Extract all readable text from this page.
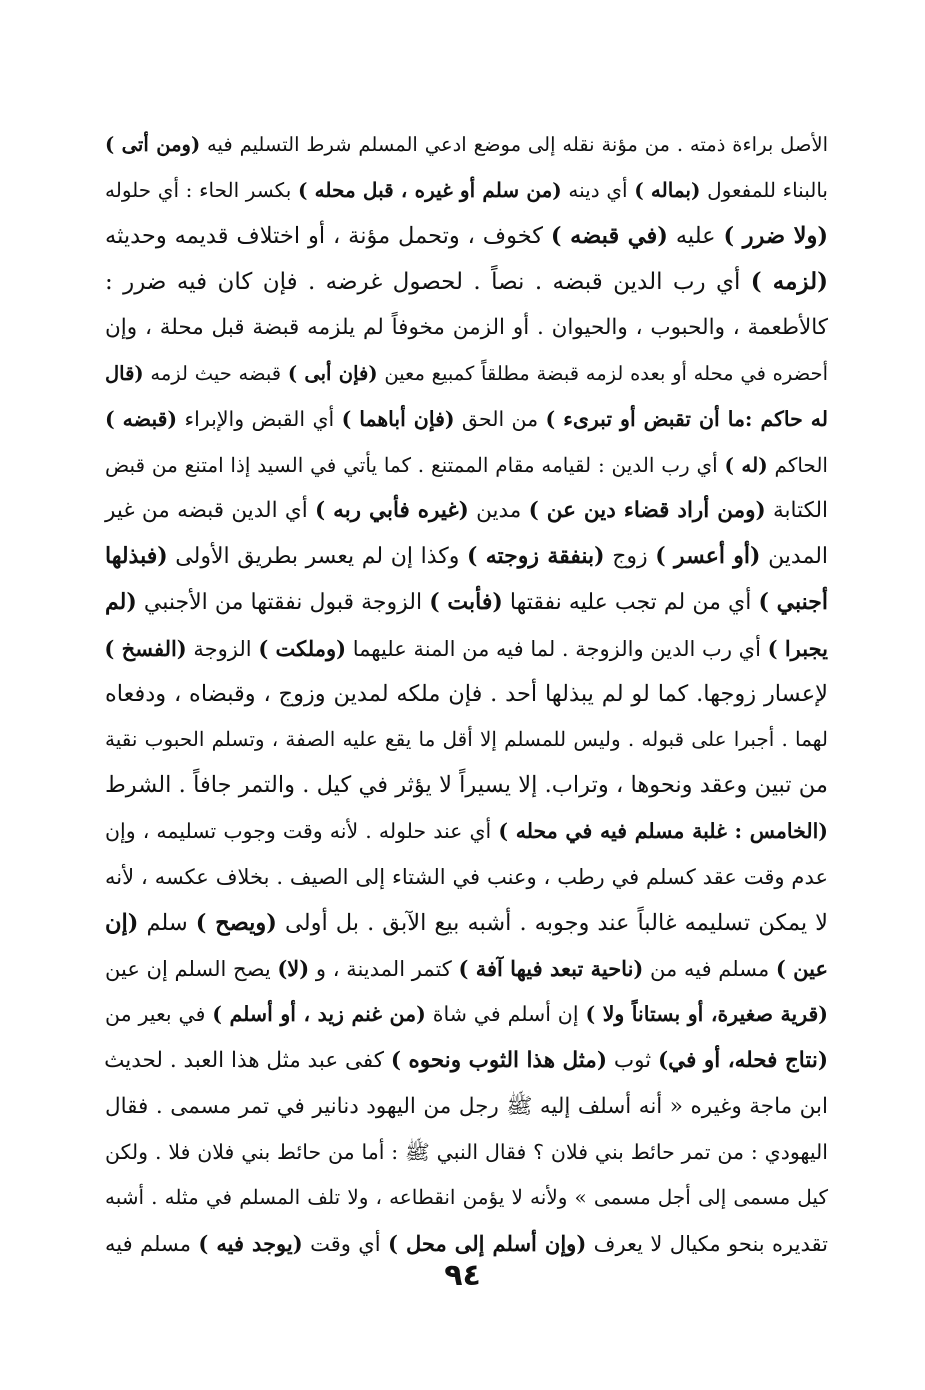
الأصل براءة ذمته . من مؤنة نقله إلى موضع ادعي المسلم شرط التسليم فيه (ومن أتى )
بالبناء للمفعول (بماله ) أي دينه (من سلم أو غيره ، قبل محله ) بكسر الحاء : أي حلوله
(ولا ضرر ) عليه (في قبضه ) كخوف ، وتحمل مؤنة ، أو اختلاف قديمه وحديثه
(لزمه ) أي رب الدين قبضه . نصاً . لحصول غرضه . فإن كان فيه ضرر :
كالأطعمة ، والحبوب ، والحيوان . أو الزمن مخوفاً لم يلزمه قبضة قبل محلة ، وإن
أحضره في محله أو بعده لزمه قبضة مطلقاً كمبيع معين (فإن أبى ) قبضه حيث لزمه (قال
له حاكم :ما أن تقبض أو تبرىء ) من الحق (فإن أباهما ) أي القبض والإبراء (قبضه )
الحاكم (له ) أي رب الدين : لقيامه مقام الممتنع . كما يأتي في السيد إذا امتنع من قبض
الكتابة (ومن أراد قضاء دين عن ) مدين (غيره فأبي ربه ) أي الدين قبضه من غير
المدين (أو أعسر ) زوج (بنفقة زوجته ) وكذا إن لم يعسر بطريق الأولى (فبذلها
أجنبي ) أي من لم تجب عليه نفقتها (فأبت ) الزوجة قبول نفقتها من الأجنبي (لم
يجبرا ) أي رب الدين والزوجة . لما فيه من المنة عليهما (وملكت ) الزوجة (الفسخ )
لإعسار زوجها. كما لو لم يبذلها أحد . فإن ملكه لمدين وزوج ، وقبضاه ، ودفعاه
لهما . أجبرا على قبوله . وليس للمسلم إلا أقل ما يقع عليه الصفة ، وتسلم الحبوب نقية
من تبين وعقد ونحوها ، وتراب. إلا يسيراً لا يؤثر في كيل . والتمر جافاً . الشرط
(الخامس : غلبة مسلم فيه في محله ) أي عند حلوله . لأنه وقت وجوب تسليمه ، وإن
عدم وقت عقد كسلم في رطب ، وعنب في الشتاء إلى الصيف . بخلاف عكسه ، لأنه
لا يمكن تسليمه غالباً عند وجوبه . أشبه بيع الآبق . بل أولى (ويصح ) سلم (إن
عين ) مسلم فيه من (ناحية تبعد فيها آفة ) كتمر المدينة ، و (لا) يصح السلم إن عين
(قرية صغيرة، أو بستاناً ولا ) إن أسلم في شاة (من غنم زيد ، أو أسلم ) في بعير من
(نتاج فحله، أو في) ثوب (مثل هذا الثوب ونحوه ) كفى عبد مثل هذا العبد . لحديث
ابن ماجة وغيره « أنه أسلف إليه ﷺ رجل من اليهود دنانير في تمر مسمى . فقال
اليهودي : من تمر حائط بني فلان ؟ فقال النبي ﷺ : أما من حائط بني فلان فلا . ولكن
كيل مسمى إلى أجل مسمى » ولأنه لا يؤمن انقطاعه ، ولا تلف المسلم في مثله . أشبه
تقديره بنحو مكيال لا يعرف (وإن أسلم إلى محل ) أي وقت (يوجد فيه ) مسلم فيه
٩٤
